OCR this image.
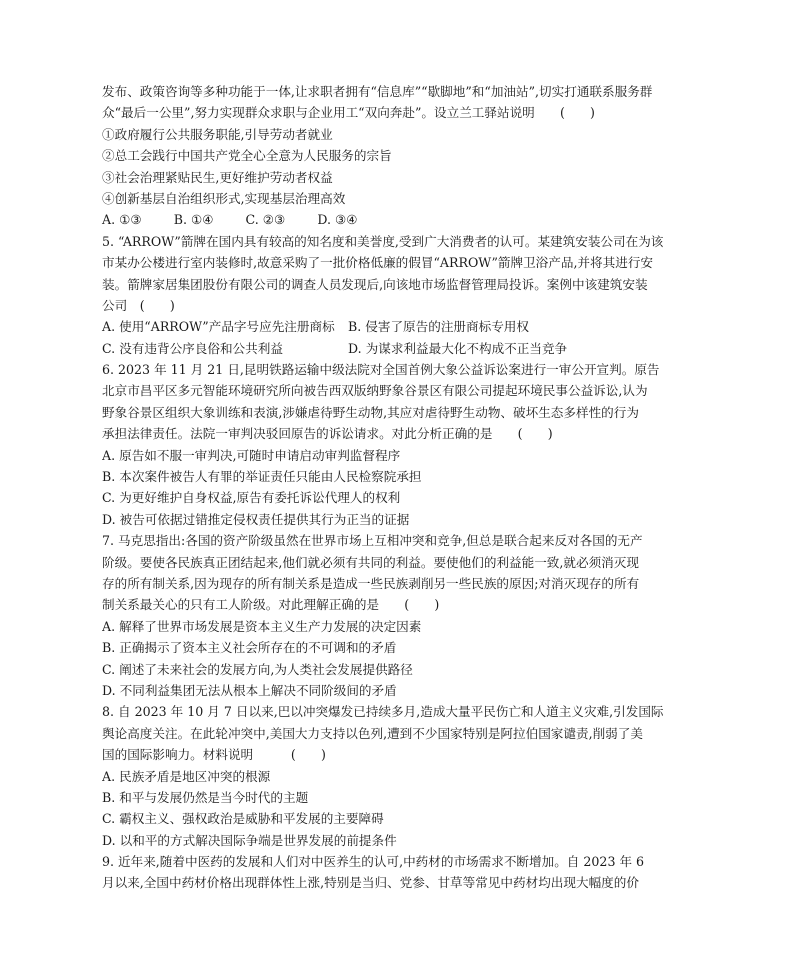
发布、政策咨询等多种功能于一体,让求职者拥有“信息库”“歇脚地”和“加油站”,切实打通联系服务群
众“最后一公里”,努力实现群众求职与企业用工“双向奔赴”。设立兰工驿站说明　　(　　)
①政府履行公共服务职能,引导劳动者就业
②总工会践行中国共产党全心全意为人民服务的宗旨
③社会治理紧贴民生,更好维护劳动者权益
④创新基层自治组织形式,实现基层治理高效
A. ①③	B. ①④	C. ②③	D. ③④
5. “ARROW”箭牌在国内具有较高的知名度和美誉度,受到广大消费者的认可。某建筑安装公司在为该
市某办公楼进行室内装修时,故意采购了一批价格低廉的假冒“ARROW”箭牌卫浴产品,并将其进行安
装。箭牌家居集团股份有限公司的调查人员发现后,向该地市场监督管理局投诉。案例中该建筑安装
公司　(　　)
A. 使用“ARROW”产品字号应先注册商标 B. 侵害了原告的注册商标专用权
C. 没有违背公序良俗和公共利益	D. 为谋求利益最大化不构成不正当竞争
6. 2023 年 11 月 21 日,昆明铁路运输中级法院对全国首例大象公益诉讼案进行一审公开宣判。原告
北京市昌平区多元智能环境研究所向被告西双版纳野象谷景区有限公司提起环境民事公益诉讼,认为
野象谷景区组织大象训练和表演,涉嫌虐待野生动物,其应对虐待野生动物、破坏生态多样性的行为
承担法律责任。法院一审判决驳回原告的诉讼请求。对此分析正确的是　　(　　)
A. 原告如不服一审判决,可随时申请启动审判监督程序
B. 本次案件被告人有罪的举证责任只能由人民检察院承担
C. 为更好维护自身权益,原告有委托诉讼代理人的权利
D. 被告可依据过错推定侵权责任提供其行为正当的证据
7. 马克思指出:各国的资产阶级虽然在世界市场上互相冲突和竞争,但总是联合起来反对各国的无产
阶级。要使各民族真正团结起来,他们就必须有共同的利益。要使他们的利益能一致,就必须消灭现
存的所有制关系,因为现存的所有制关系是造成一些民族剥削另一些民族的原因;对消灭现存的所有
制关系最关心的只有工人阶级。对此理解正确的是　　(　　)
A. 解释了世界市场发展是资本主义生产力发展的决定因素
B. 正确揭示了资本主义社会所存在的不可调和的矛盾
C. 阐述了未来社会的发展方向,为人类社会发展提供路径
D. 不同利益集团无法从根本上解决不同阶级间的矛盾
8. 自 2023 年 10 月 7 日以来,巴以冲突爆发已持续多月,造成大量平民伤亡和人道主义灾难,引发国际
舆论高度关注。在此轮冲突中,美国大力支持以色列,遭到不少国家特别是阿拉伯国家谴责,削弱了美
国的国际影响力。材料说明　　　(　　)
A. 民族矛盾是地区冲突的根源
B. 和平与发展仍然是当今时代的主题
C. 霸权主义、强权政治是威胁和平发展的主要障碍
D. 以和平的方式解决国际争端是世界发展的前提条件
9. 近年来,随着中医药的发展和人们对中医养生的认可,中药材的市场需求不断增加。自 2023 年 6
月以来,全国中药材价格出现群体性上涨,特别是当归、党参、甘草等常见中药材均出现大幅度的价
